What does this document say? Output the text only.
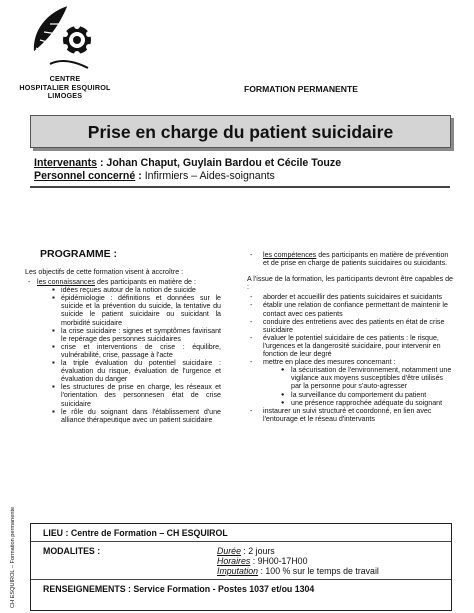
CENTRE
HOSPITALIER ESQUIROL
LIMOGES
FORMATION PERMANENTE
Prise en charge du patient suicidaire
Intervenants : Johan Chaput, Guylain Bardou et Cécile Touze
Personnel concerné : Infirmiers – Aides-soignants
PROGRAMME :
Les objectifs de cette formation visent à accroître :
- les connaissances des participants en matière de :
▪ idées reçues autour de la notion de suicide
▪ épidémiologie : définitions et données sur le suicide et la prévention du suicide, la tentative du suicide le patient suicidaire ou suicidant la morbidité suicidaire
▪ la crise suicidaire : signes et symptômes favirisant le repérage des personnes suicidaires
▪ crise et interventions de crise : équilibre, vulnérabilité, crise, passage à l'acte
▪ la triple évaluation du potentiel suicidaire : évaluation du risque, évaluation de l'urgence et évaluation du danger
▪ les structures de prise en charge, les réseaux et l'orientation des personnesen état de crise suicidaire
▪ le rôle du soignant dans l'établissement d'une alliance thérapeutique avec un patient suicidaire
- les compétences des participants en matière de prévention et de prise en charge de patients suicidaires ou suicidants.
A l'issue de la formation, les participants devront être capables de :
- aborder et accueillir des patients suicidaires et suicidants
- établir une relation de confiance permettant de maintenir le contact avec ces patients
- conduire des entretiens avec des patients en état de crise suicidaire
- évaluer le potentiel suicidaire de ces patients : le risque, l'urgences et la dangerosité suicidaire, pour intervenir en fonction de leur degré
- mettre en place des mesures concernant :
● la sécurisation de l'environnement, notamment une vigilance aux moyens susceptibles d'être utilisés par la personne pour s'auto-agresser
● la surveillance du comportement du patient
● une présence rapprochée adéquate du soignant
- instaurer un suivi structuré et coordonné, en lien avec l'entourage et le réseau d'intervants
CH ESQUIROL – Formation permanente	LIEU : Centre de Formation – CH ESQUIROL
MODALITES :	Durée : 2 jours
Horaires : 9H00-17H00
Imputation : 100 % sur le temps de travail
RENSEIGNEMENTS : Service Formation - Postes 1037 et/ou 1304
